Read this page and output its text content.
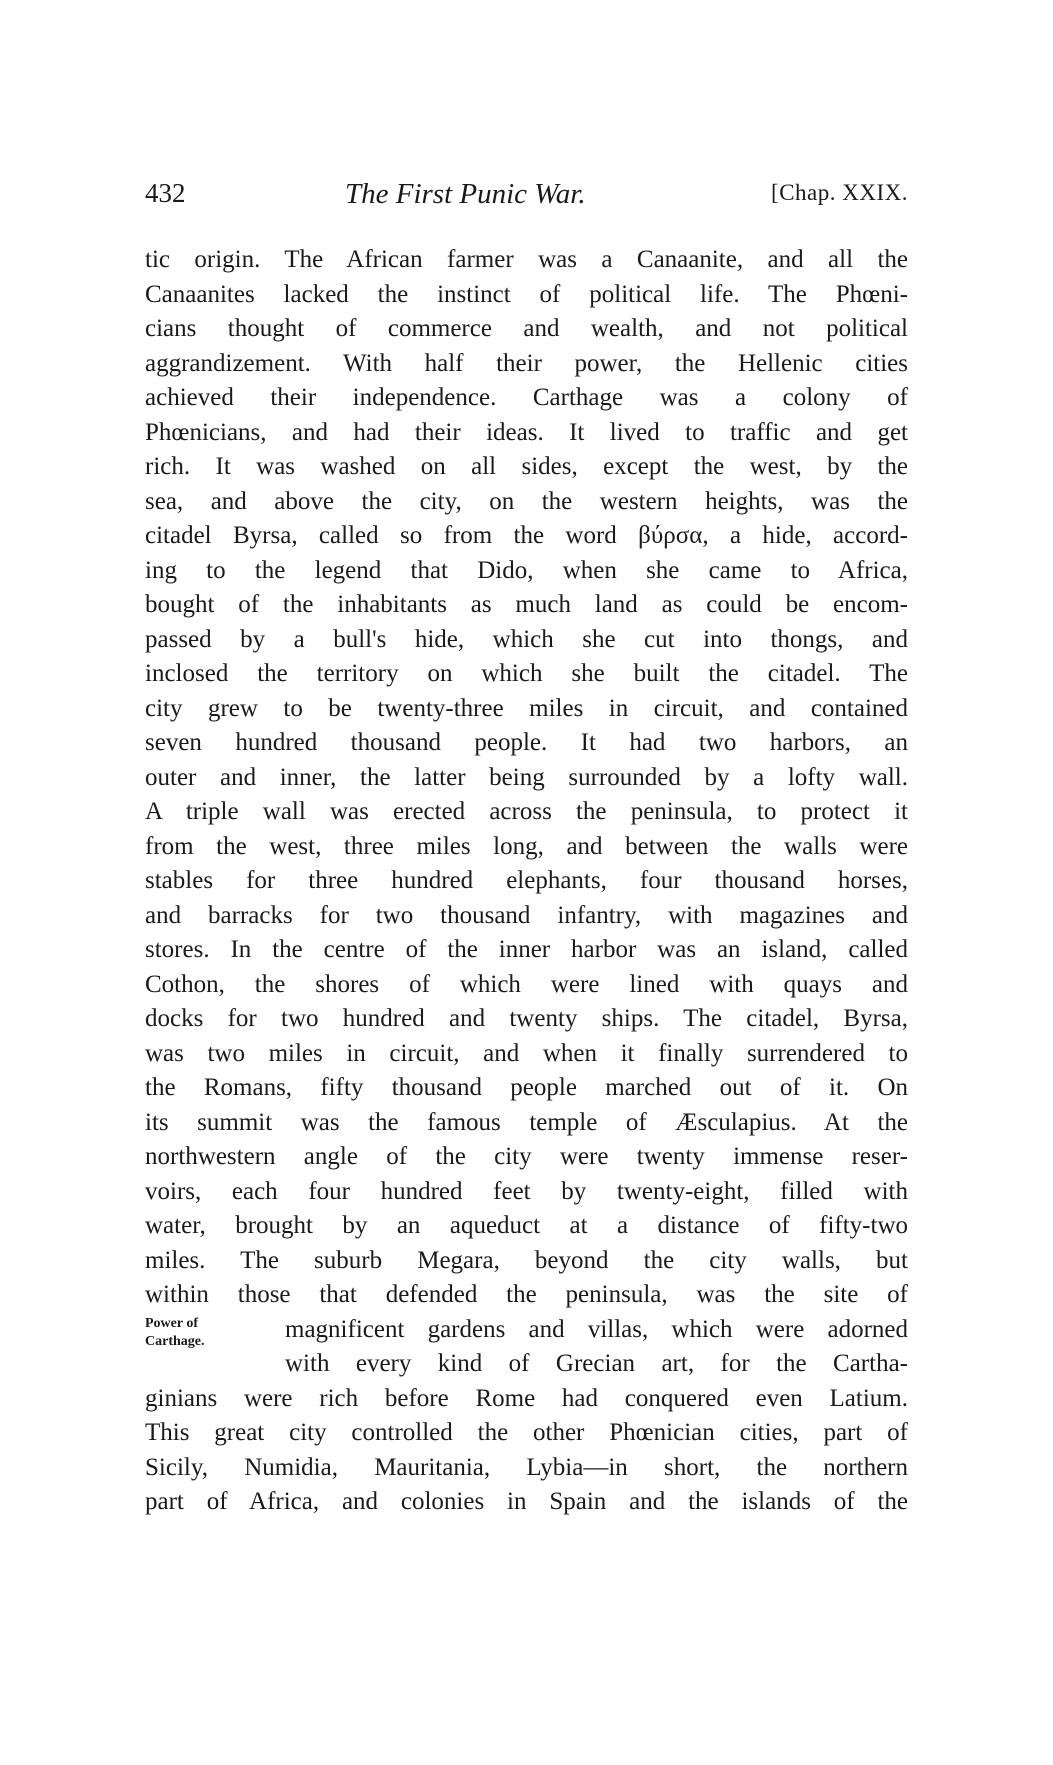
432	The First Punic War.	[Chap. XXIX.
tic origin. The African farmer was a Canaanite, and all the
Canaanites lacked the instinct of political life. The Phœni-
cians thought of commerce and wealth, and not political
aggrandizement. With half their power, the Hellenic cities
achieved their independence. Carthage was a colony of
Phœnicians, and had their ideas. It lived to traffic and get
rich. It was washed on all sides, except the west, by the
sea, and above the city, on the western heights, was the
citadel Byrsa, called so from the word βύρσα, a hide, accord-
ing to the legend that Dido, when she came to Africa,
bought of the inhabitants as much land as could be encom-
passed by a bull's hide, which she cut into thongs, and
inclosed the territory on which she built the citadel. The
city grew to be twenty-three miles in circuit, and contained
seven hundred thousand people. It had two harbors, an
outer and inner, the latter being surrounded by a lofty wall.
A triple wall was erected across the peninsula, to protect it
from the west, three miles long, and between the walls were
stables for three hundred elephants, four thousand horses,
and barracks for two thousand infantry, with magazines and
stores. In the centre of the inner harbor was an island, called
Cothon, the shores of which were lined with quays and
docks for two hundred and twenty ships. The citadel, Byrsa,
was two miles in circuit, and when it finally surrendered to
the Romans, fifty thousand people marched out of it. On
its summit was the famous temple of Æsculapius. At the
northwestern angle of the city were twenty immense reser-
voirs, each four hundred feet by twenty-eight, filled with
water, brought by an aqueduct at a distance of fifty-two
miles. The suburb Megara, beyond the city walls, but
within those that defended the peninsula, was the site of
magnificent gardens and villas, which were adorned
with every kind of Grecian art, for the Cartha-
ginians were rich before Rome had conquered even Latium.
This great city controlled the other Phœnician cities, part of
Sicily, Numidia, Mauritania, Lybia—in short, the northern
part of Africa, and colonies in Spain and the islands of the
Power of
Carthage.
